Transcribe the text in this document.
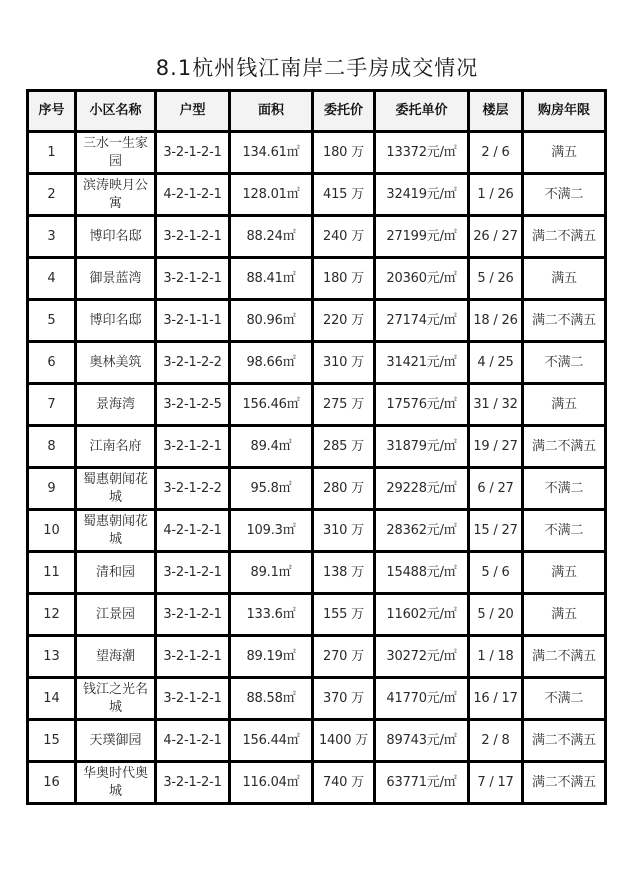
8.1杭州钱江南岸二手房成交情况
序号	小区名称	户型	面积	委托价	委托单价	楼层	购房年限
1	三水一生家园	3-2-1-2-1	134.61㎡	180 万	13372元/㎡	2 / 6	满五
2	滨涛映月公寓	4-2-1-2-1	128.01㎡	415 万	32419元/㎡	1 / 26	不满二
3	博印名邸	3-2-1-2-1	88.24㎡	240 万	27199元/㎡	26 / 27	满二不满五
4	御景蓝湾	3-2-1-2-1	88.41㎡	180 万	20360元/㎡	5 / 26	满五
5	博印名邸	3-2-1-1-1	80.96㎡	220 万	27174元/㎡	18 / 26	满二不满五
6	奥林美筑	3-2-1-2-2	98.66㎡	310 万	31421元/㎡	4 / 25	不满二
7	景海湾	3-2-1-2-5	156.46㎡	275 万	17576元/㎡	31 / 32	满五
8	江南名府	3-2-1-2-1	89.4㎡	285 万	31879元/㎡	19 / 27	满二不满五
9	蜀惠朝闻花城	3-2-1-2-2	95.8㎡	280 万	29228元/㎡	6 / 27	不满二
10	蜀惠朝闻花城	4-2-1-2-1	109.3㎡	310 万	28362元/㎡	15 / 27	不满二
11	清和园	3-2-1-2-1	89.1㎡	138 万	15488元/㎡	5 / 6	满五
12	江景园	3-2-1-2-1	133.6㎡	155 万	11602元/㎡	5 / 20	满五
13	望海潮	3-2-1-2-1	89.19㎡	270 万	30272元/㎡	1 / 18	满二不满五
14	钱江之光名城	3-2-1-2-1	88.58㎡	370 万	41770元/㎡	16 / 17	不满二
15	天璞御园	4-2-1-2-1	156.44㎡	1400 万	89743元/㎡	2 / 8	满二不满五
16	华奥时代奥城	3-2-1-2-1	116.04㎡	740 万	63771元/㎡	7 / 17	满二不满五
